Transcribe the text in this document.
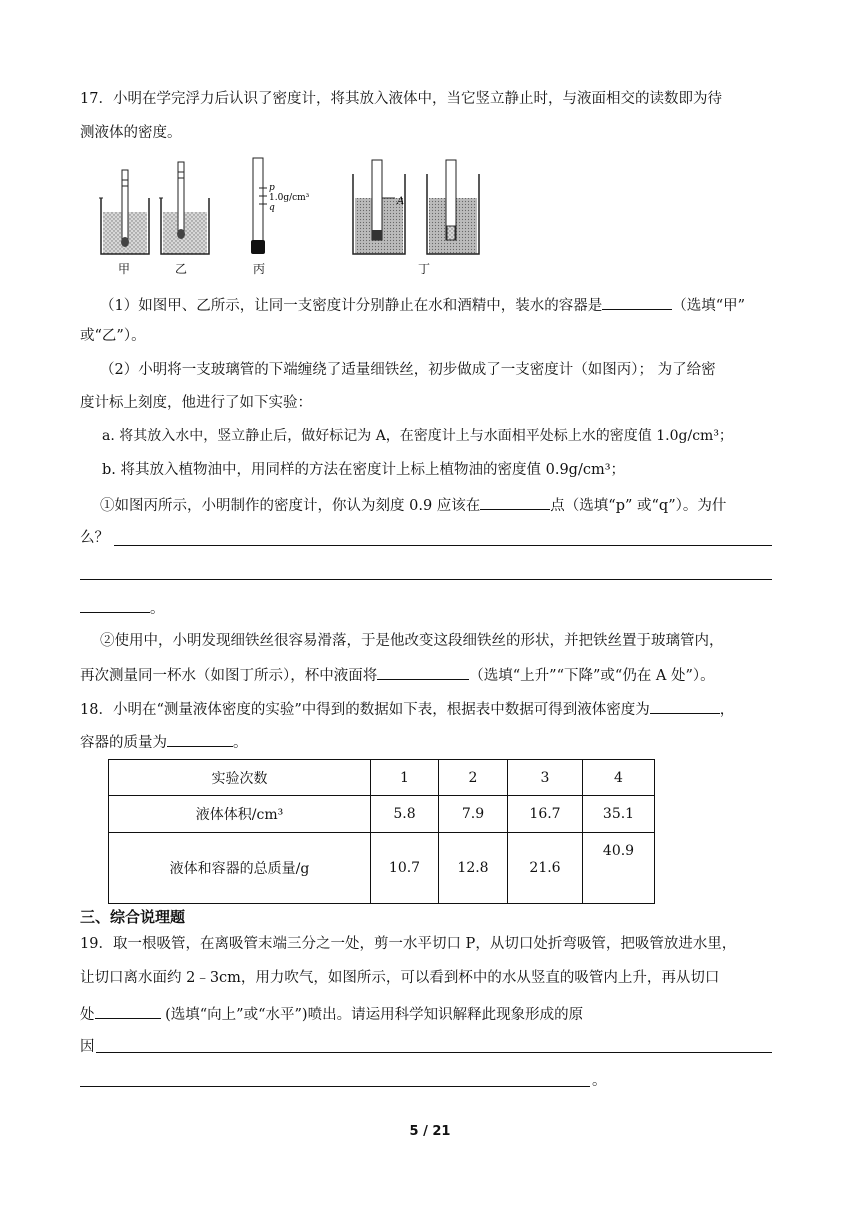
17．小明在学完浮力后认识了密度计，将其放入液体中，当它竖立静止时，与液面相交的读数即为待
测液体的密度。
p
1.0g/cm³
q
A
甲	乙	丙	丁
（1）如图甲、乙所示，让同一支密度计分别静止在水和酒精中，装水的容器是	（选填“甲”
或“乙”）。
（2）小明将一支玻璃管的下端缠绕了适量细铁丝，初步做成了一支密度计（如图丙）； 为了给密
度计标上刻度，他进行了如下实验：
a. 将其放入水中，竖立静止后，做好标记为 A，在密度计上与水面相平处标上水的密度值 1.0g/cm³；
b. 将其放入植物油中，用同样的方法在密度计上标上植物油的密度值 0.9g/cm³；
①如图丙所示，小明制作的密度计，你认为刻度 0.9 应该在	点（选填“p” 或“q”）。为什
么？
。
②使用中，小明发现细铁丝很容易滑落，于是他改变这段细铁丝的形状，并把铁丝置于玻璃管内，
再次测量同一杯水（如图丁所示），杯中液面将	（选填“上升”“下降”或“仍在 A 处”）。
18．小明在“测量液体密度的实验”中得到的数据如下表，根据表中数据可得到液体密度为	，
容器的质量为	。
实验次数	1	2	3	4
液体体积/cm³	5.8	7.9	16.7	35.1
液体和容器的总质量/g	10.7	12.8	21.6	40.9
三、综合说理题
19．取一根吸管，在离吸管末端三分之一处，剪一水平切口 P，从切口处折弯吸管，把吸管放进水里，
让切口离水面约 2﹣3cm，用力吹气，如图所示，可以看到杯中的水从竖直的吸管内上升，再从切口
处	(选填“向上”或“水平”)喷出。请运用科学知识解释此现象形成的原
因
。
5 / 21
